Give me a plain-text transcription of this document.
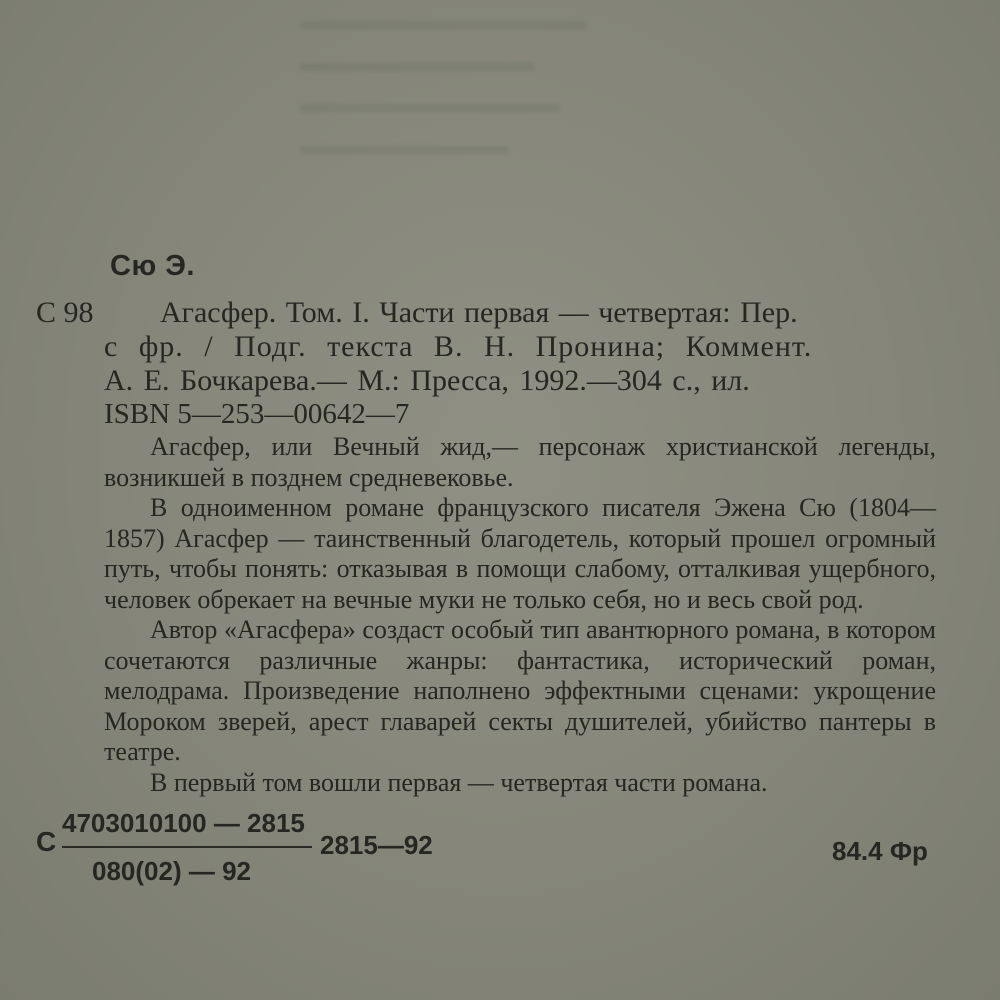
▬▬▬▬▬▬▬▬▬▬▬
▬▬▬▬▬▬▬▬▬
▬▬▬▬▬▬▬▬▬▬
▬▬▬▬▬▬▬▬
Сю Э.
С 98 Агасфер. Том. I. Части первая — четвертая: Пер.
с фр. / Подг. текста В. Н. Пронина; Коммент.
А. Е. Бочкарева.— М.: Пресса, 1992.—304 с., ил.
ISBN 5—253—00642—7

Агасфер, или Вечный жид,— персонаж христианской легенды, возникшей в позднем средневековье.

В одноименном романе французского писателя Эжена Сю (1804—1857) Агасфер — таинственный благодетель, который прошел огромный путь, чтобы понять: отказывая в помощи слабому, отталкивая ущербного, человек обрекает на вечные муки не только себя, но и весь свой род.

Автор «Агасфера» создаст особый тип авантюрного романа, в котором сочетаются различные жанры: фантастика, исторический роман, мелодрама. Произведение наполнено эффектными сценами: укрощение Мороком зверей, арест главарей секты душителей, убийство пантеры в театре.

В первый том вошли первая — четвертая части романа.

С
4703010100 — 2815
080(02) — 92
2815—92	84.4 Фр
